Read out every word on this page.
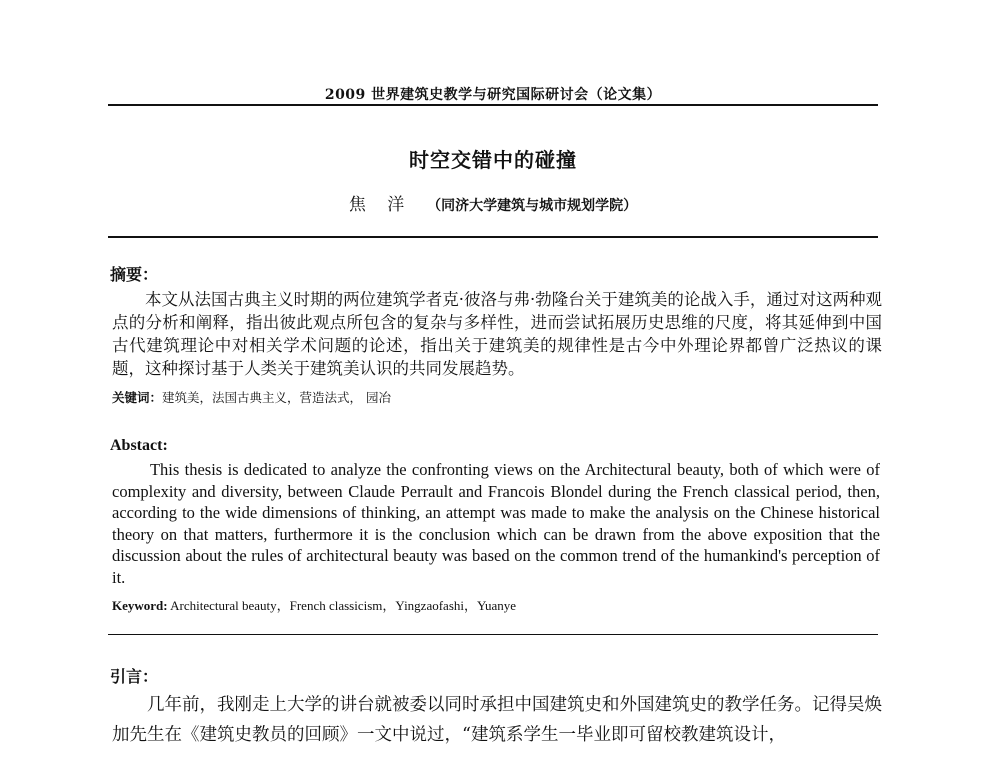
2009 世界建筑史教学与研究国际研讨会（论文集）
时空交错中的碰撞
焦 洋 （同济大学建筑与城市规划学院）
摘要：
本文从法国古典主义时期的两位建筑学者克·彼洛与弗·勃隆台关于建筑美的论战入手，通过对这两种观点的分析和阐释，指出彼此观点所包含的复杂与多样性，进而尝试拓展历史思维的尺度，将其延伸到中国古代建筑理论中对相关学术问题的论述，指出关于建筑美的规律性是古今中外理论界都曾广泛热议的课题，这种探讨基于人类关于建筑美认识的共同发展趋势。
关键词：建筑美，法国古典主义，营造法式， 园冶
Abstact:
This thesis is dedicated to analyze the confronting views on the Architectural beauty, both of which were of complexity and diversity, between Claude Perrault and Francois Blondel during the French classical period, then, according to the wide dimensions of thinking, an attempt was made to make the analysis on the Chinese historical theory on that matters, furthermore it is the conclusion which can be drawn from the above exposition that the discussion about the rules of architectural beauty was based on the common trend of the humankind's perception of it.
Keyword: Architectural beauty，French classicism，Yingzaofashi，Yuanye
引言：
几年前，我刚走上大学的讲台就被委以同时承担中国建筑史和外国建筑史的教学任务。记得吴焕加先生在《建筑史教员的回顾》一文中说过，“建筑系学生一毕业即可留校教建筑设计，
